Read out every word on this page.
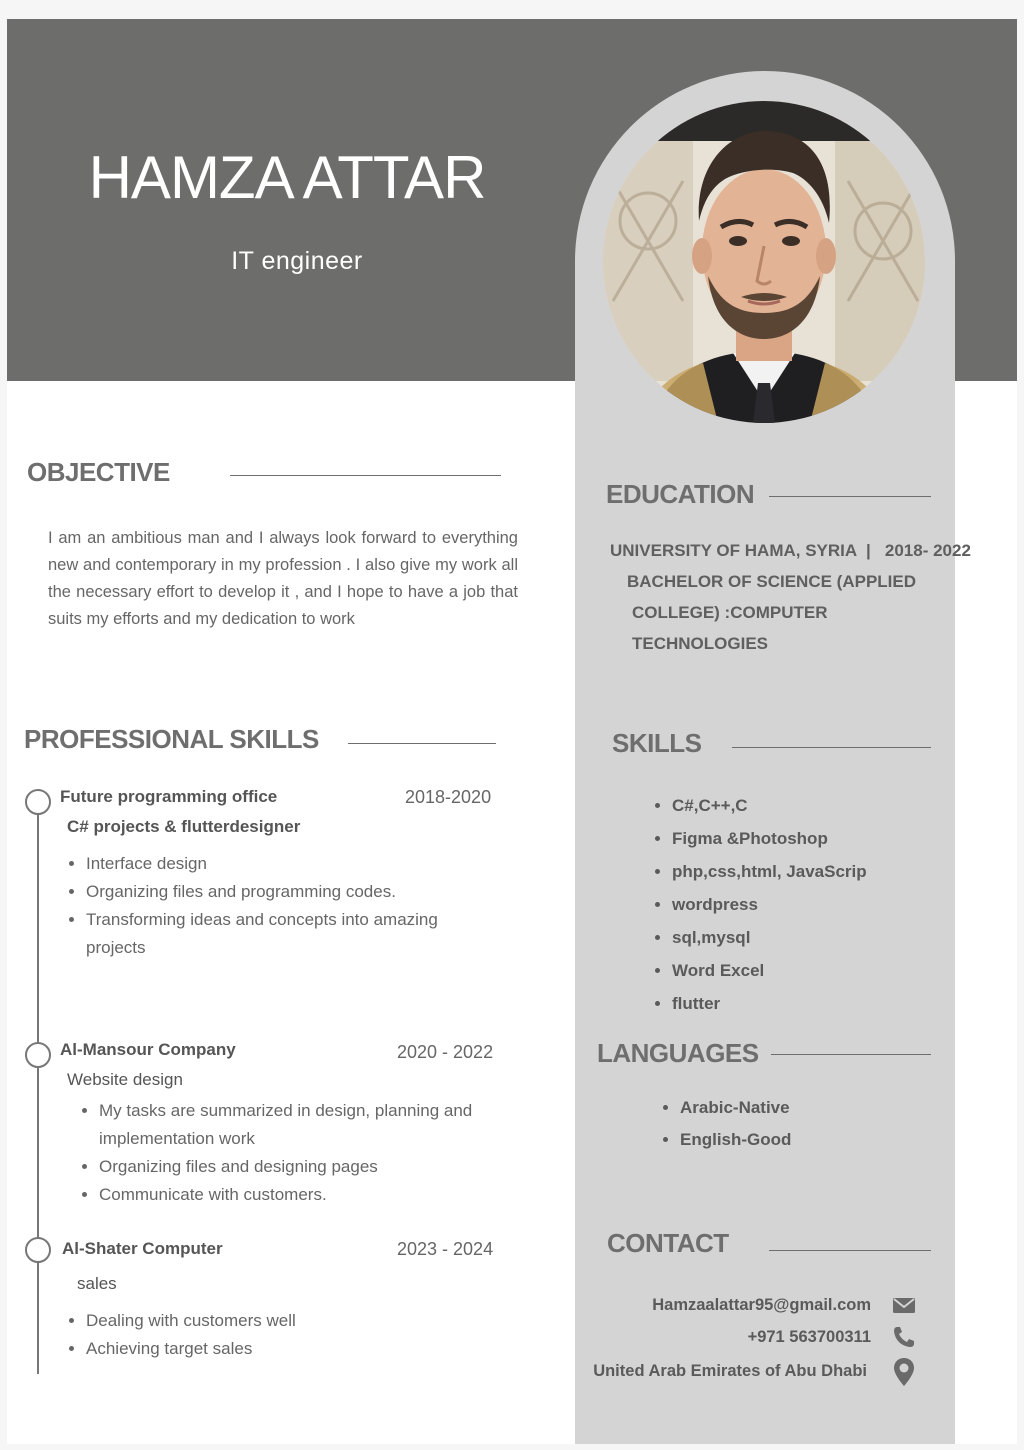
HAMZA ATTAR
IT engineer
OBJECTIVE
I am an ambitious man and I always look forward to everything new and contemporary in my profession . I also give my work all the necessary effort to develop it , and I hope to have a job that suits my efforts and my dedication to work
PROFESSIONAL SKILLS
Future programming office	2018-2020
C# projects & flutterdesigner
• Interface design
• Organizing files and programming codes.
• Transforming ideas and concepts into amazing projects
Al-Mansour Company	2020 - 2022
Website design
• My tasks are summarized in design, planning and implementation work
• Organizing files and designing pages
• Communicate with customers.
Al-Shater Computer	2023 - 2024
sales
• Dealing with customers well
• Achieving target sales
EDUCATION
UNIVERSITY OF HAMA, SYRIA  |   2018- 2022
BACHELOR OF SCIENCE (APPLIED
COLLEGE) :COMPUTER TECHNOLOGIES
SKILLS
• C#,C++,C
• Figma &Photoshop
• php,css,html, JavaScrip
• wordpress
• sql,mysql
• Word Excel
• flutter
LANGUAGES
• Arabic-Native
• English-Good
CONTACT
Hamzaalattar95@gmail.com
+971 563700311
United Arab Emirates of Abu Dhabi
